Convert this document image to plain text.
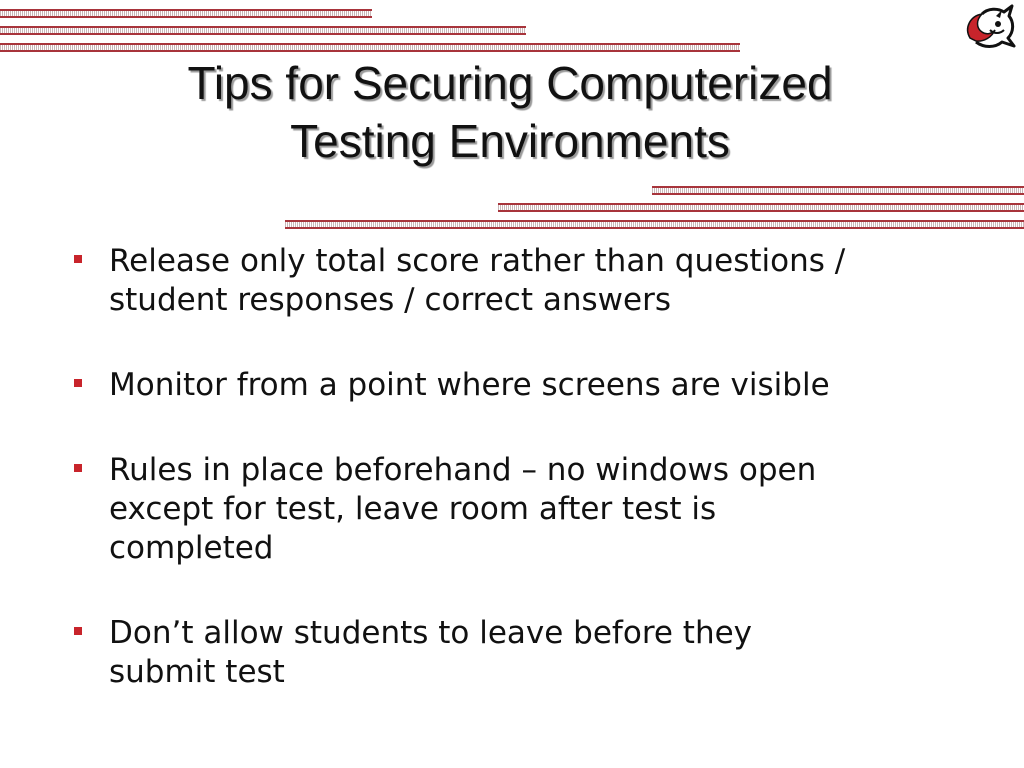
Tips for Securing Computerized
Testing Environments
Release only total score rather than questions /
student responses / correct answers
Monitor from a point where screens are visible
Rules in place beforehand – no windows open
except for test, leave room after test is
completed
Don’t allow students to leave before they
submit test
